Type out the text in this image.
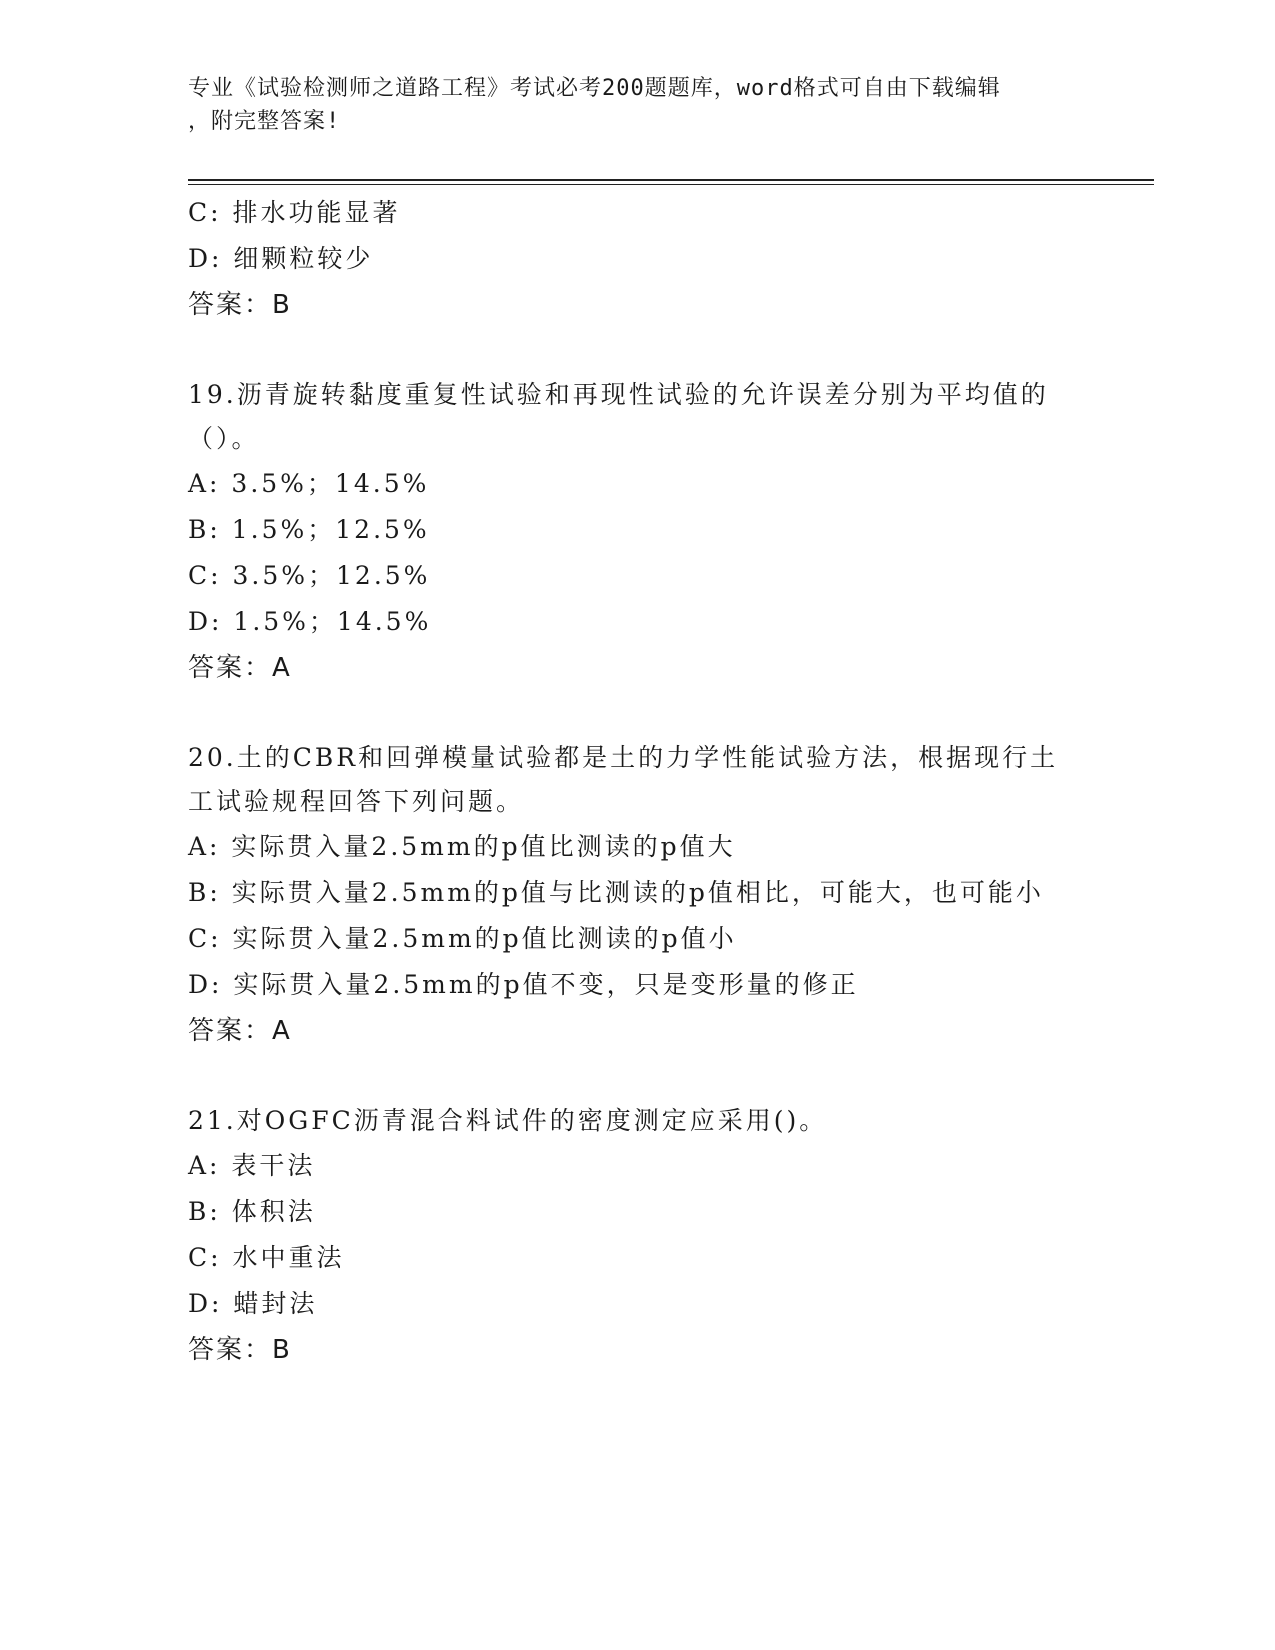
专业《试验检测师之道路工程》考试必考200题题库，word格式可自由下载编辑
，附完整答案!
C: 排水功能显著
D: 细颗粒较少
答案：B
19.沥青旋转黏度重复性试验和再现性试验的允许误差分别为平均值的
（）。
A: 3.5%；14.5%
B: 1.5%；12.5%
C: 3.5%；12.5%
D: 1.5%；14.5%
答案：A
20.土的CBR和回弹模量试验都是土的力学性能试验方法，根据现行土
工试验规程回答下列问题。
A: 实际贯入量2.5mm的p值比测读的p值大
B: 实际贯入量2.5mm的p值与比测读的p值相比，可能大，也可能小
C: 实际贯入量2.5mm的p值比测读的p值小
D: 实际贯入量2.5mm的p值不变，只是变形量的修正
答案：A
21.对OGFC沥青混合料试件的密度测定应采用()。
A: 表干法
B: 体积法
C: 水中重法
D: 蜡封法
答案：B
